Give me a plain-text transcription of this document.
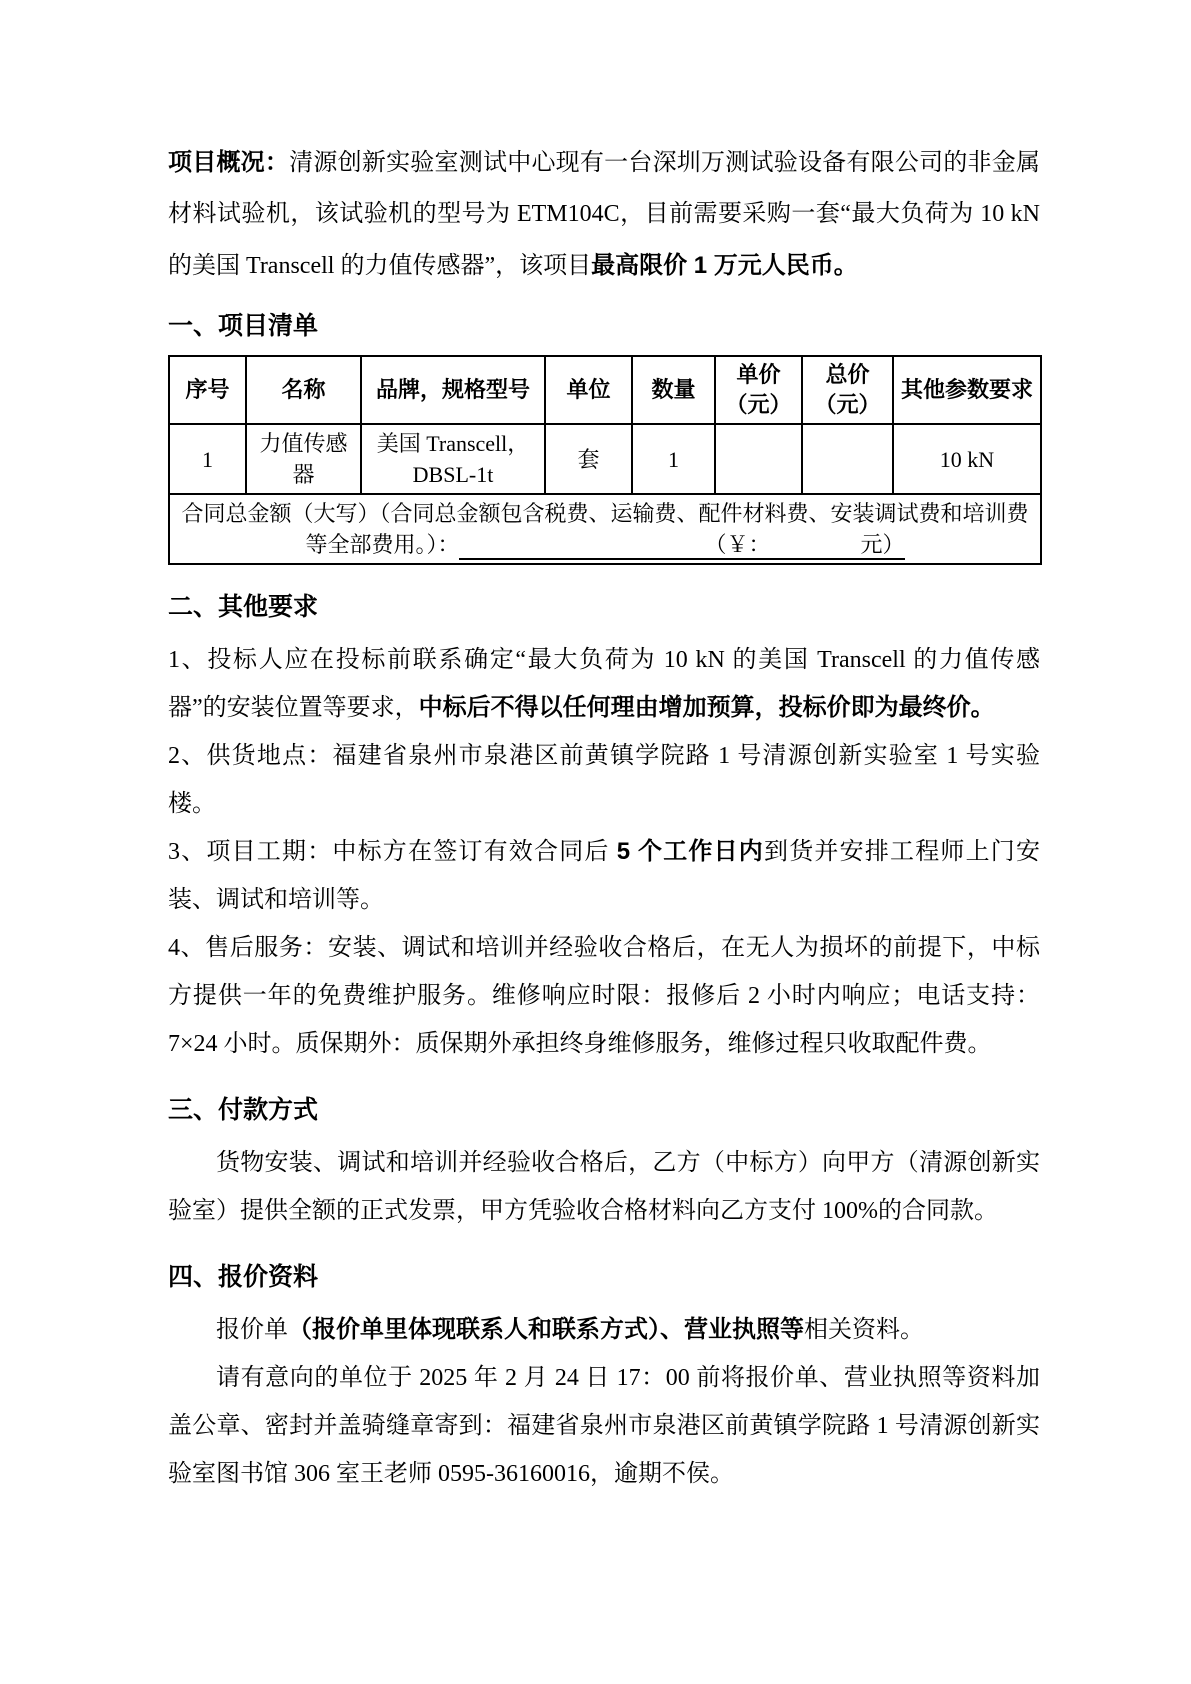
项目概况：清源创新实验室测试中心现有一台深圳万测试验设备有限公司的非金属材料试验机，该试验机的型号为 ETM104C，目前需要采购一套“最大负荷为 10 kN 的美国 Transcell 的力值传感器”，该项目最高限价 1 万元人民币。

一、项目清单
序号	名称	品牌，规格型号	单位	数量	单价（元）	总价（元）	其他参数要求
1	力值传感器	美国 Transcell，DBSL-1t	套	1			10 kN
合同总金额（大写）（合同总金额包含税费、运输费、配件材料费、安装调试费和培训费等全部费用。）： （￥： 元）							
二、其他要求

1、投标人应在投标前联系确定“最大负荷为 10 kN 的美国 Transcell 的力值传感器”的安装位置等要求，中标后不得以任何理由增加预算，投标价即为最终价。

2、供货地点：福建省泉州市泉港区前黄镇学院路 1 号清源创新实验室 1 号实验楼。

3、项目工期：中标方在签订有效合同后 5 个工作日内到货并安排工程师上门安装、调试和培训等。

4、售后服务：安装、调试和培训并经验收合格后，在无人为损坏的前提下，中标方提供一年的免费维护服务。维修响应时限：报修后 2 小时内响应；电话支持：7×24 小时。质保期外：质保期外承担终身维修服务，维修过程只收取配件费。

三、付款方式

货物安装、调试和培训并经验收合格后，乙方（中标方）向甲方（清源创新实验室）提供全额的正式发票，甲方凭验收合格材料向乙方支付 100%的合同款。

四、报价资料

报价单（报价单里体现联系人和联系方式）、营业执照等相关资料。

请有意向的单位于 2025 年 2 月 24 日 17：00 前将报价单、营业执照等资料加盖公章、密封并盖骑缝章寄到：福建省泉州市泉港区前黄镇学院路 1 号清源创新实验室图书馆 306 室王老师 0595-36160016，逾期不侯。
